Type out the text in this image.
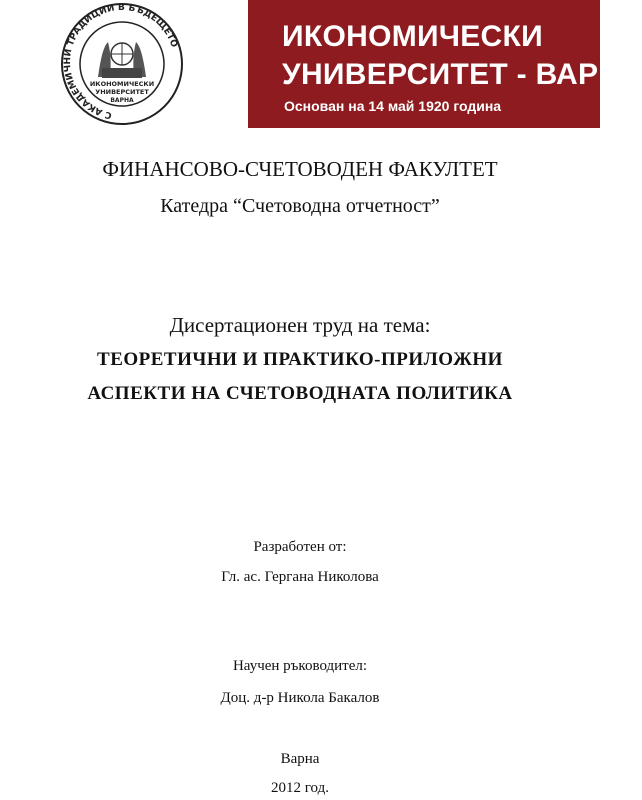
С АКАДЕМИЧНИ ТРАДИЦИИ В БЪДЕЩЕТО
ИКОНОМИЧЕСКИ
УНИВЕРСИТЕТ
ВАРНА
ИКОНОМИЧЕСКИ
УНИВЕРСИТЕТ - ВАРНА
Основан на 14 май 1920 година
ФИНАНСОВО-СЧЕТОВОДЕН ФАКУЛТЕТ
Катедра “Счетоводна отчетност”
Дисертационен труд на тема:
ТЕОРЕТИЧНИ И ПРАКТИКО-ПРИЛОЖНИ
АСПЕКТИ НА СЧЕТОВОДНАТА ПОЛИТИКА
Разработен от:
Гл. ас. Гергана Николова
Научен ръководител:
Доц. д-р Никола Бакалов
Варна
2012 год.
